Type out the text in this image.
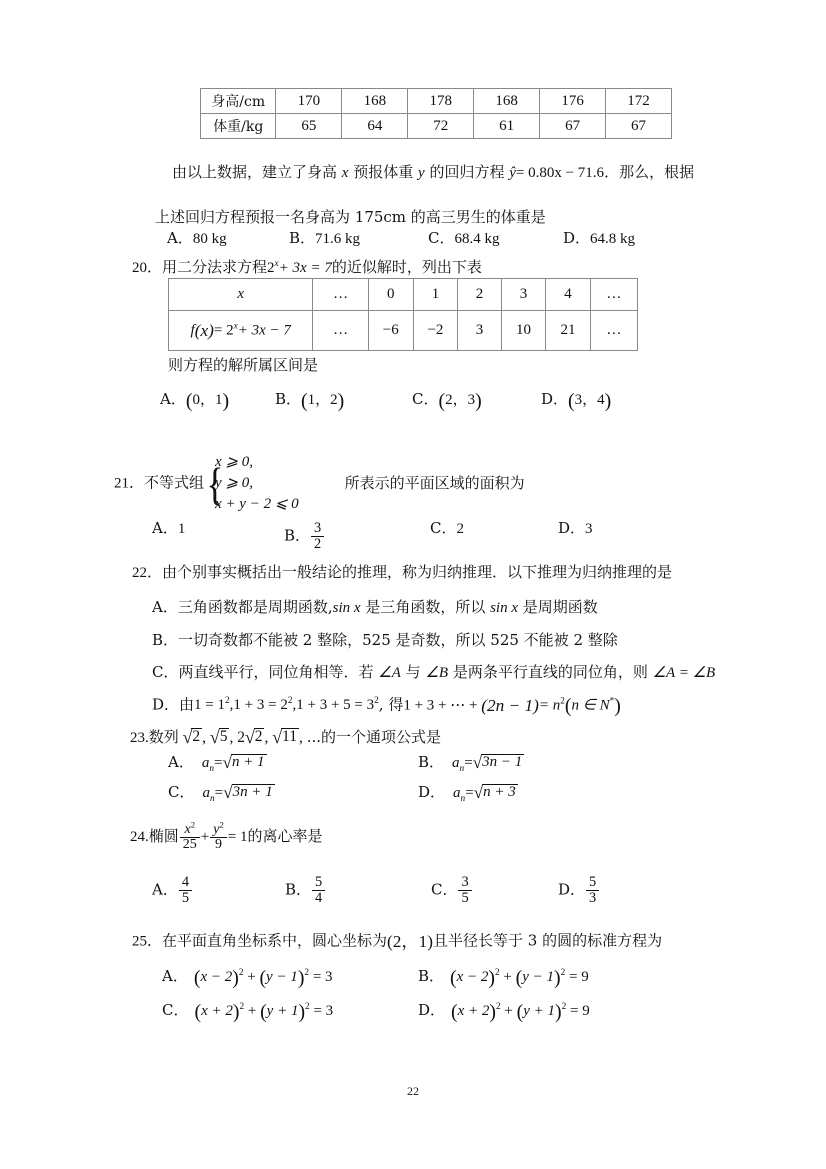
身高/cm	170	168	178	168	176	172
体重/kg	65	64	72	61	67	67
由以上数据，建立了身高 x 预报体重 y 的回归方程 ŷ= 0.80x − 71.6．那么，根据
上述回归方程预报一名身高为 175cm 的高三男生的体重是
A．80 kg	B．71.6 kg	C．68.4 kg	D．64.8 kg
20．用二分法求方程$2^x+ 3x = 7$的近似解时，列出下表
x	…	0	1	2	3	4	…
$f(x)= 2^x+ 3x - 7$	…	−6	−2	3	10	21	…
则方程的解所属区间是
A．(0，1)	B．(1，2)	C．(2，3)	D．(3，4)
21．不等式组 {
x ⩾ 0,
y ⩾ 0,
x + y − 2 ⩽ 0
所表示的平面区域的面积为
A．1	B． $\frac{3}{2}$	C．2	D．3
22．由个别事实概括出一般结论的推理，称为归纳推理．以下推理为归纳推理的是
A．三角函数都是周期函数,sin x 是三角函数，所以 sin x 是周期函数
B．一切奇数都不能被 2 整除，525 是奇数，所以 525 不能被 2 整除
C．两直线平行，同位角相等．若 ∠A 与 ∠B 是两条平行直线的同位角，则 ∠A = ∠B
D．由$1 = 1^2,1 + 3 = 2^2,1 + 3 + 5 = 3^2$, 得1 + 3 + ⋯ + $(2n - 1)= n^2(n$ ∈ N*)
23.数列 √2 , √5 , 2√2 , √11 , ...的一个通项公式是
A． $a_n=√n + 1$	B． $a_n=√3n - 1$
C． $a_n=√3n + 1$	D． $a_n=√n + 3$
24.椭圆 $\frac{x^2}{25} + \frac{y^2}{9} = 1$的离心率是
A． $\frac{4}{5}$	B． $\frac{5}{4}$	C． $\frac{3}{5}$	D． $\frac{5}{3}$
25．在平面直角坐标系中，圆心坐标为(2，1)且半径长等于 3 的圆的标准方程为
A． $(x - 2)^2 + (y - 1)^2 = 3$	B． $(x - 2)^2 + (y - 1)^2 = 9$
C． $(x + 2)^2 + (y + 1)^2 = 3$	D． $(x + 2)^2 + (y + 1)^2 = 9$
22
